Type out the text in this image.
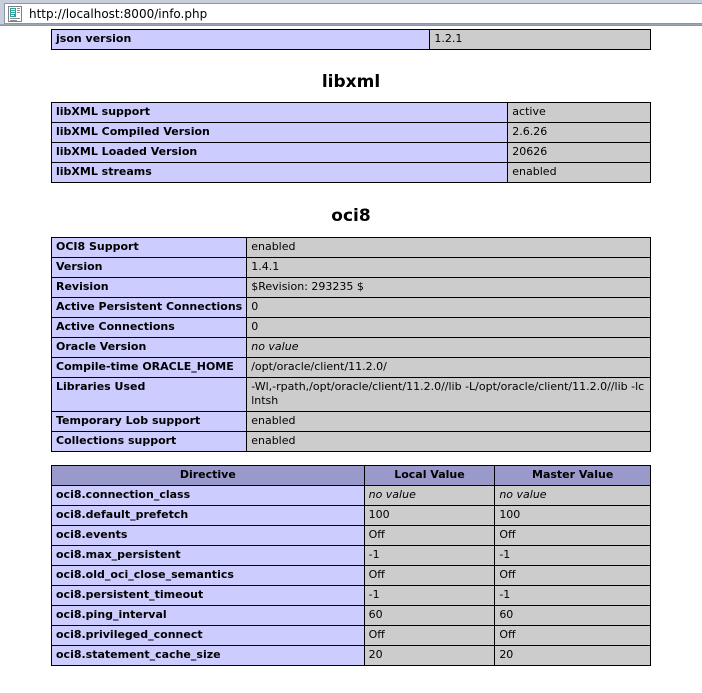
http://localhost:8000/info.php
json version	1.2.1
libxml
libXML support	active
libXML Compiled Version	2.6.26
libXML Loaded Version	20626
libXML streams	enabled
oci8
OCI8 Support	enabled
Version	1.4.1
Revision	$Revision: 293235 $
Active Persistent Connections	0
Active Connections	0
Oracle Version	no value
Compile-time ORACLE_HOME	/opt/oracle/client/11.2.0/
Libraries Used	-Wl,-rpath,/opt/oracle/client/11.2.0//lib -L/opt/oracle/client/11.2.0//lib -lclntsh
Temporary Lob support	enabled
Collections support	enabled
Directive	Local Value	Master Value
oci8.connection_class	no value	no value
oci8.default_prefetch	100	100
oci8.events	Off	Off
oci8.max_persistent	-1	-1
oci8.old_oci_close_semantics	Off	Off
oci8.persistent_timeout	-1	-1
oci8.ping_interval	60	60
oci8.privileged_connect	Off	Off
oci8.statement_cache_size	20	20
